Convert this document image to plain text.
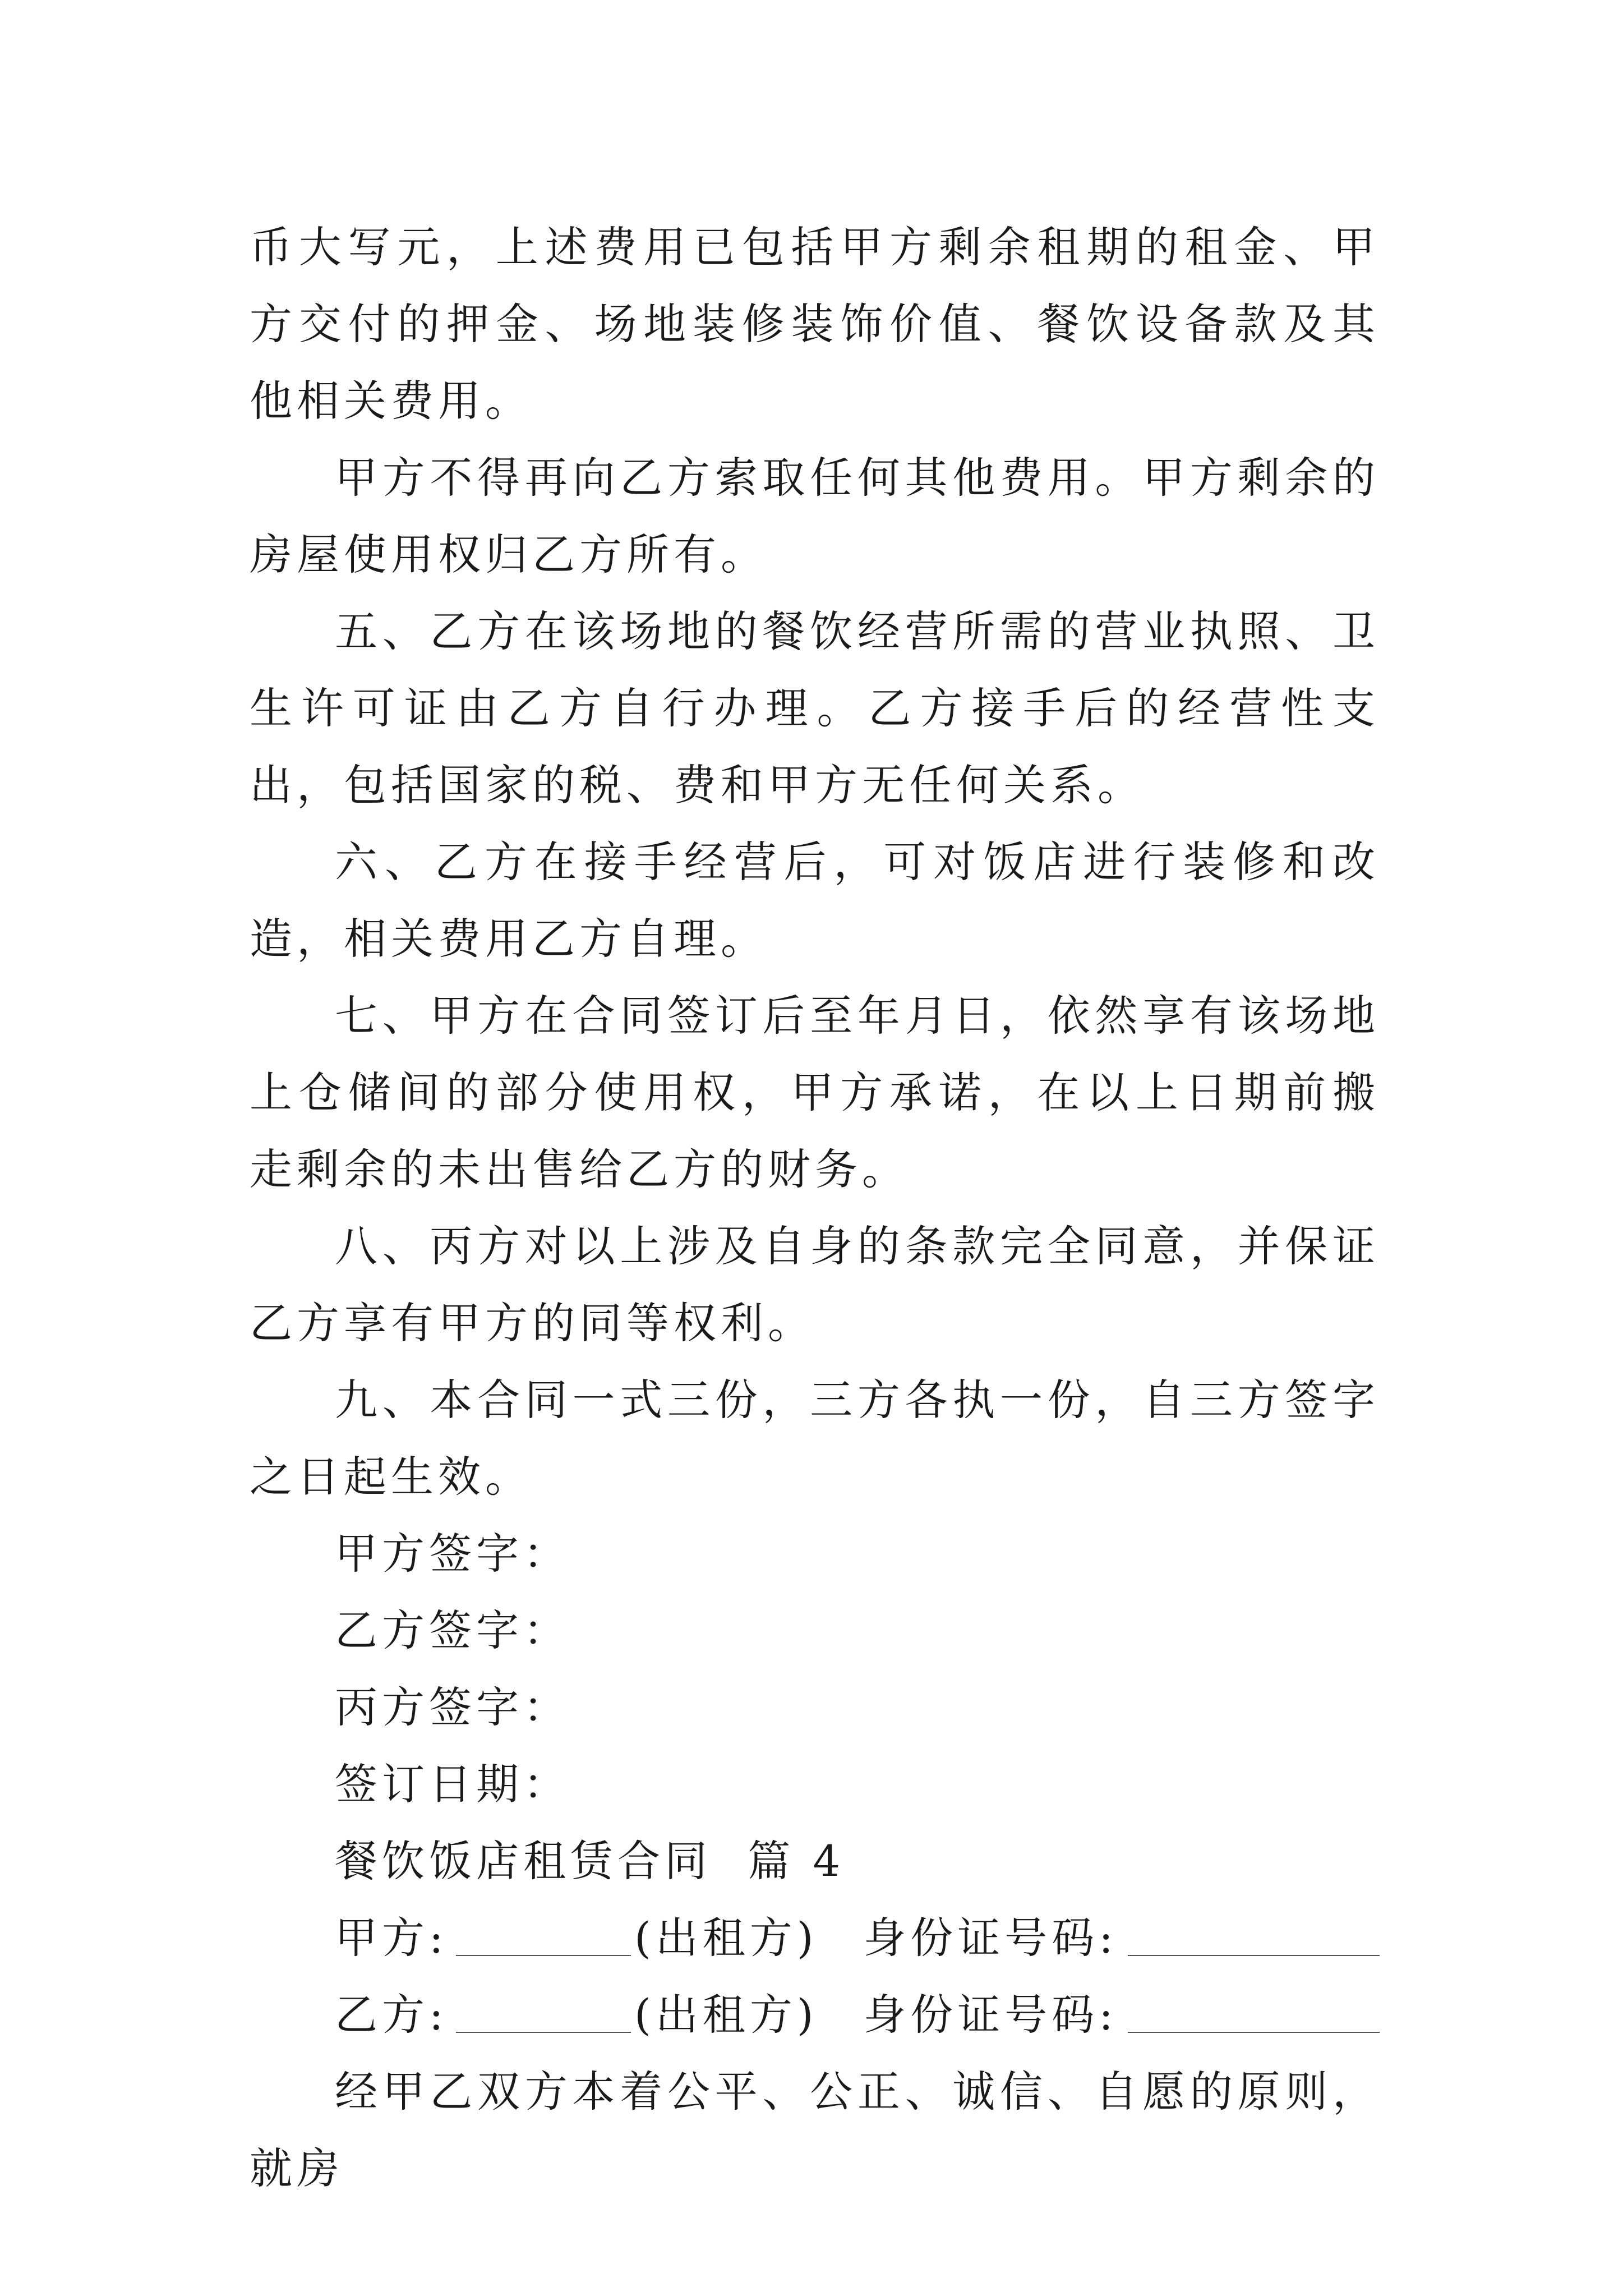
币大写元，上述费用已包括甲方剩余租期的租金、甲方交付的押金、场地装修装饰价值、餐饮设备款及其他相关费用。

甲方不得再向乙方索取任何其他费用。甲方剩余的房屋使用权归乙方所有。

五、乙方在该场地的餐饮经营所需的营业执照、卫生许可证由乙方自行办理。乙方接手后的经营性支出，包括国家的税、费和甲方无任何关系。

六、乙方在接手经营后，可对饭店进行装修和改造，相关费用乙方自理。

七、甲方在合同签订后至年月日，依然享有该场地上仓储间的部分使用权，甲方承诺，在以上日期前搬走剩余的未出售给乙方的财务。

八、丙方对以上涉及自身的条款完全同意，并保证乙方享有甲方的同等权利。

九、本合同一式三份，三方各执一份，自三方签字之日起生效。

甲方签字：

乙方签字：

丙方签字：

签订日期：

餐饮饭店租赁合同  篇 4

甲方:	(出租方) 身份证号码:
乙方:	(出租方) 身份证号码:

经甲乙双方本着公平、公正、诚信、自愿的原则，就房
